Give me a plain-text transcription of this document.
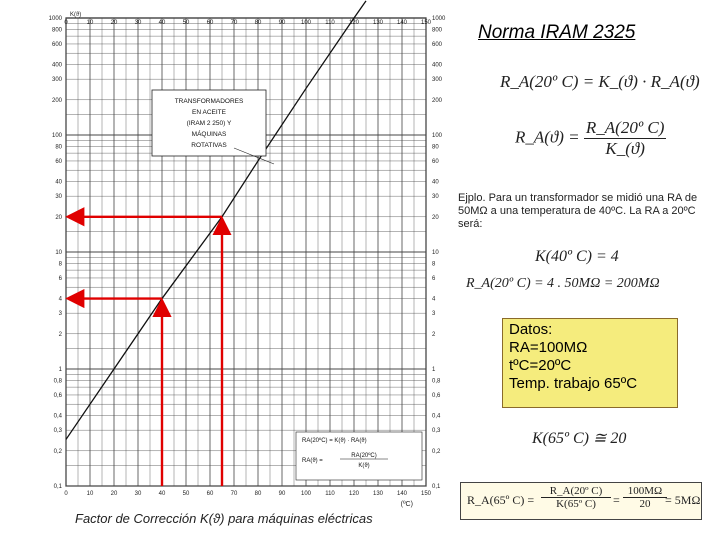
1000
800
600
400
300
200
100
80
60
40
30
20
10
8
6
4
3
2
1
0,8
0,6
0,4
0,3
0,2
0,1
1000
800
600
400
300
200
100
80
60
40
30
20
10
8
6
4
3
2
1
0,8
0,6
0,4
0,3
0,2
0,1
0
0
10
10
20
20
30
30
40
40
50
50
60
60
70
70
80
80
90
90
100
100
110
110
120
120
130
130
140
140
150
150
K(ϑ)
(ºC)
TRANSFORMADORES
EN ACEITE
(IRAM 2 250) Y
MÁQUINAS
ROTATIVAS
RA(20ºC) = K(ϑ) · RA(ϑ)
RA(ϑ) =
RA(20ºC)
K(ϑ)
Norma IRAM 2325
R_A(20º C) = K_(ϑ) · R_A(ϑ)
R_A(ϑ) = $\frac{\text{R\_A(20º C)}}{K\_(ϑ)}$
Ejplo. Para un transformador se midió una RA de 50MΩ a una temperatura de 40ºC. La RA a 20ºC será:
K(40º C) = 4
R_A(20º C) = 4 . 50MΩ = 200MΩ
Datos:
RA=100MΩ
tºC=20ºC
Temp. trabajo 65ºC
K(65º C) ≅ 20
R_A(65º $C) = \frac{\text{R\_A(20º C)}}{\text{K(65º C)}} = \frac{100M\Omega}{20}$
= 5MΩ
Factor de Corrección K(ϑ) para máquinas eléctricas
